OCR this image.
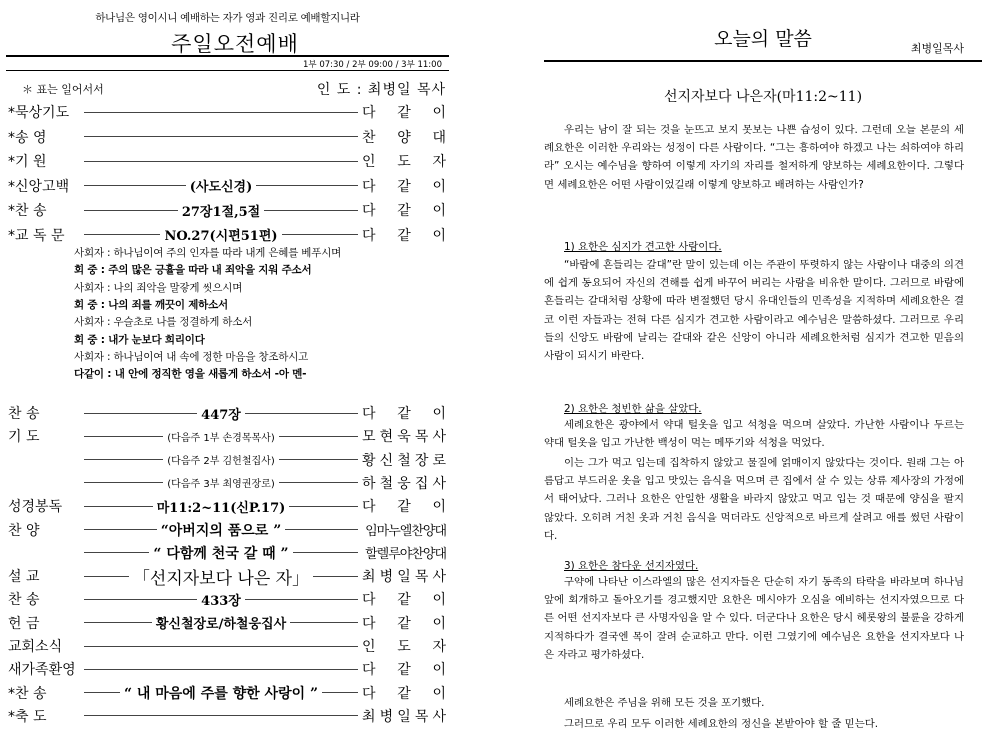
하나님은 영이시니 예배하는 자가 영과 진리로 예배할지니라
주일오전예배
1부 07:30 / 2부 09:00 / 3부 11:00
＊ 표는 일어서서	인 도 : 최병일 목사
*묵상기도	다 같 이
*송 영	찬 양 대
*기 원	인 도 자
*신앙고백	(사도신경)	다 같 이
*찬 송	27장1절,5절	다 같 이
*교 독 문	NO.27(시편51편)	다 같 이
사회자 : 하나님이여 주의 인자를 따라 내게 은혜를 베푸시며
회 중 : 주의 많은 긍휼을 따라 내 죄악을 지워 주소서
사회자 : 나의 죄악을 말갛게 씻으시며
회 중 : 나의 죄를 깨끗이 제하소서
사회자 : 우슬초로 나를 정결하게 하소서
회 중 : 내가 눈보다 희리이다
사회자 : 하나님이여 내 속에 정한 마음을 창조하시고
다같이 : 내 안에 정직한 영을 새롭게 하소서 -아 멘-
찬 송	447장	다 같 이
기 도	(다음주 1부 손경목목사)	모 현 욱 목 사
(다음주 2부 김헌철집사)	황 신 철 장 로
(다음주 3부 최영권장로)	하 철 웅 집 사
성경봉독	마11:2~11(신P.17)	다 같 이
찬 양	“아버지의 품으로 ”	임마누엘찬양대
“ 다함께 천국 갈 때 ”	할렐루야찬양대
설 교	「선지자보다 나은 자」	최 병 일 목 사
찬 송	433장	다 같 이
헌 금	황신철장로/하철웅집사	다 같 이
교회소식	인 도 자
새가족환영	다 같 이
*찬 송	“ 내 마음에 주를 향한 사랑이 ”	다 같 이
*축 도	최 병 일 목 사
오늘의 말씀	최병일목사
선지자보다 나은자(마11:2~11)

우리는 남이 잘 되는 것을 눈뜨고 보지 못보는 나쁜 습성이 있다. 그런데 오늘 본문의 세례요한은 이러한 우리와는 성정이 다른 사람이다. “그는 흥하여야 하겠고 나는 쇠하여야 하리라” 오시는 예수님을 향하여 이렇게 자기의 자리를 철저하게 양보하는 세례요한이다. 그렇다면 세례요한은 어떤 사람이었길래 이렇게 양보하고 배려하는 사람인가?

1) 요한은 심지가 견고한 사람이다.

“바람에 흔들리는 갈대”란 말이 있는데 이는 주관이 뚜렷하지 않는 사람이나 대중의 의견에 쉽게 동요되어 자신의 견해를 쉽게 바꾸어 버리는 사람을 비유한 말이다. 그러므로 바람에 흔들리는 갈대처럼 상황에 따라 변절했던 당시 유대인들의 민족성을 지적하며 세례요한은 결코 이런 자들과는 전혀 다른 심지가 견고한 사람이라고 예수님은 말씀하셨다. 그러므로 우리들의 신앙도 바람에 날리는 갈대와 같은 신앙이 아니라 세례요한처럼 심지가 견고한 믿음의 사람이 되시기 바란다.

2) 요한은 청빈한 삶을 살았다.

세례요한은 광야에서 약대 털옷을 입고 석청을 먹으며 살았다. 가난한 사람이나 두르는 약대 털옷을 입고 가난한 백성이 먹는 메뚜기와 석청을 먹었다.

이는 그가 먹고 입는데 집착하지 않았고 물질에 얽매이지 않았다는 것이다. 원래 그는 아름답고 부드러운 옷을 입고 맛있는 음식을 먹으며 큰 집에서 살 수 있는 상류 제사장의 가정에서 태어났다. 그러나 요한은 안일한 생활을 바라지 않았고 먹고 입는 것 때문에 양심을 팔지 않았다. 오히려 거친 옷과 거친 음식을 먹더라도 신앙적으로 바르게 살려고 애를 썼던 사람이다.

3) 요한은 참다운 선지자였다.

구약에 나타난 이스라엘의 많은 선지자들은 단순히 자기 동족의 타락을 바라보며 하나님 앞에 회개하고 돌아오기를 경고했지만 요한은 메시야가 오심을 예비하는 선지자였으므로 다른 어떤 선지자보다 큰 사명자임을 알 수 있다. 더군다나 요한은 당시 헤롯왕의 불륜을 강하게 지적하다가 결국엔 목이 잘려 순교하고 만다. 이런 그였기에 예수님은 요한을 선지자보다 나은 자라고 평가하셨다.

세례요한은 주님을 위해 모든 것을 포기했다.

그러므로 우리 모두 이러한 세례요한의 정신을 본받아야 할 줄 믿는다.
